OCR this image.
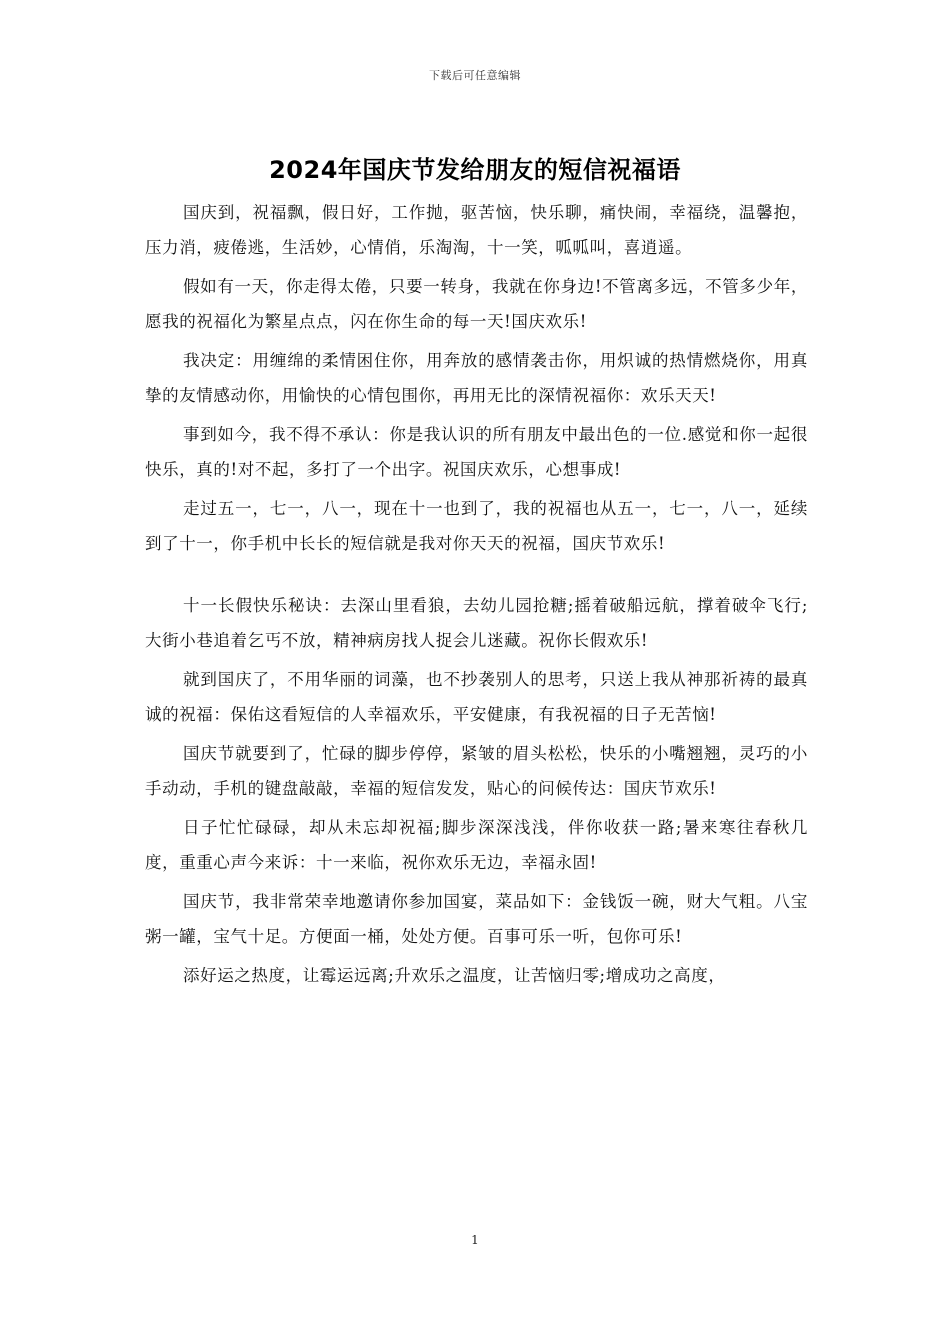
下载后可任意编辑
2024年国庆节发给朋友的短信祝福语

国庆到，祝福飘，假日好，工作抛，驱苦恼，快乐聊，痛快闹，幸福绕，温馨抱，压力消，疲倦逃，生活妙，心情俏，乐淘淘，十一笑，呱呱叫，喜逍遥。

假如有一天，你走得太倦，只要一转身，我就在你身边!不管离多远，不管多少年，愿我的祝福化为繁星点点，闪在你生命的每一天!国庆欢乐!

我决定：用缠绵的柔情困住你，用奔放的感情袭击你，用炽诚的热情燃烧你，用真挚的友情感动你，用愉快的心情包围你，再用无比的深情祝福你：欢乐天天!

事到如今，我不得不承认：你是我认识的所有朋友中最出色的一位.感觉和你一起很快乐，真的!对不起，多打了一个出字。祝国庆欢乐，心想事成!

走过五一，七一，八一，现在十一也到了，我的祝福也从五一，七一，八一，延续到了十一，你手机中长长的短信就是我对你天天的祝福，国庆节欢乐!

十一长假快乐秘诀：去深山里看狼，去幼儿园抢糖;摇着破船远航，撑着破伞飞行;大街小巷追着乞丐不放，精神病房找人捉会儿迷藏。祝你长假欢乐!

就到国庆了，不用华丽的词藻，也不抄袭别人的思考，只送上我从神那祈祷的最真诚的祝福：保佑这看短信的人幸福欢乐，平安健康，有我祝福的日子无苦恼!

国庆节就要到了，忙碌的脚步停停，紧皱的眉头松松，快乐的小嘴翘翘，灵巧的小手动动，手机的键盘敲敲，幸福的短信发发，贴心的问候传达：国庆节欢乐!

日子忙忙碌碌，却从未忘却祝福;脚步深深浅浅，伴你收获一路;暑来寒往春秋几度，重重心声今来诉：十一来临，祝你欢乐无边，幸福永固!

国庆节，我非常荣幸地邀请你参加国宴，菜品如下：金钱饭一碗，财大气粗。八宝粥一罐，宝气十足。方便面一桶，处处方便。百事可乐一听，包你可乐!

添好运之热度，让霉运远离;升欢乐之温度，让苦恼归零;增成功之高度，

1
